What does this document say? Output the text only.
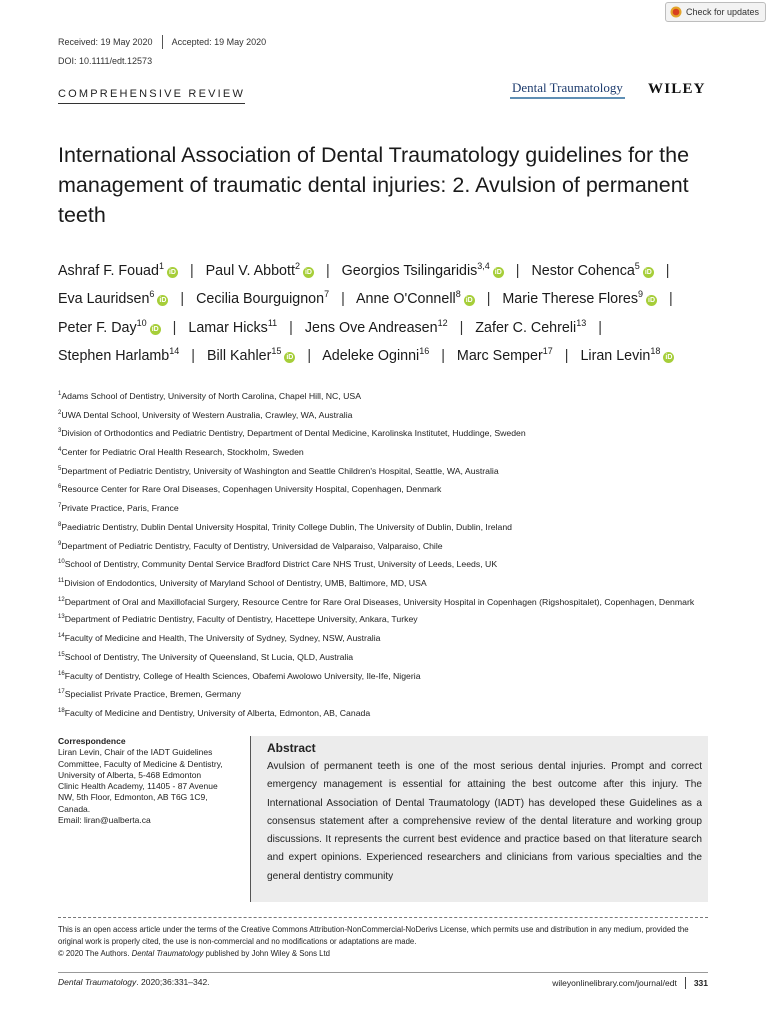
Check for updates
Received: 19 May 2020 Accepted: 19 May 2020
DOI: 10.1111/edt.12573
COMPREHENSIVE REVIEW	Dental Traumatology WILEY
International Association of Dental Traumatology guidelines for the management of traumatic dental injuries: 2. Avulsion of permanent teeth
Ashraf F. Fouad$^1$iD | Paul V. Abbott$^2$iD | Georgios Tsilingaridis$^{3,4}$iD | Nestor Cohenca$^5$iD | Eva Lauridsen$^6$iD | Cecilia Bourguignon$^7$ | Anne O'Connell$^8$iD | Marie Therese Flores$^9$iD | Peter F. Day$^{10}$iD | Lamar Hicks$^{11}$ | Jens Ove Andreasen$^{12}$ | Zafer C. Cehreli$^{13}$ | Stephen Harlamb$^{14}$ | Bill Kahler$^{15}$iD | Adeleke Oginni$^{16}$ | Marc Semper$^{17}$ | Liran Levin$^{18}$iD
$^1$Adams School of Dentistry, University of North Carolina, Chapel Hill, NC, USA
$^2$UWA Dental School, University of Western Australia, Crawley, WA, Australia
$^3$Division of Orthodontics and Pediatric Dentistry, Department of Dental Medicine, Karolinska Institutet, Huddinge, Sweden
$^4$Center for Pediatric Oral Health Research, Stockholm, Sweden
$^5$Department of Pediatric Dentistry, University of Washington and Seattle Children's Hospital, Seattle, WA, Australia
$^6$Resource Center for Rare Oral Diseases, Copenhagen University Hospital, Copenhagen, Denmark
$^7$Private Practice, Paris, France
$^8$Paediatric Dentistry, Dublin Dental University Hospital, Trinity College Dublin, The University of Dublin, Dublin, Ireland
$^9$Department of Pediatric Dentistry, Faculty of Dentistry, Universidad de Valparaiso, Valparaiso, Chile
$^{10}$School of Dentistry, Community Dental Service Bradford District Care NHS Trust, University of Leeds, Leeds, UK
$^{11}$Division of Endodontics, University of Maryland School of Dentistry, UMB, Baltimore, MD, USA
$^{12}$Department of Oral and Maxillofacial Surgery, Resource Centre for Rare Oral Diseases, University Hospital in Copenhagen (Rigshospitalet), Copenhagen, Denmark
$^{13}$Department of Pediatric Dentistry, Faculty of Dentistry, Hacettepe University, Ankara, Turkey
$^{14}$Faculty of Medicine and Health, The University of Sydney, Sydney, NSW, Australia
$^{15}$School of Dentistry, The University of Queensland, St Lucia, QLD, Australia
$^{16}$Faculty of Dentistry, College of Health Sciences, Obafemi Awolowo University, Ile-Ife, Nigeria
$^{17}$Specialist Private Practice, Bremen, Germany
$^{18}$Faculty of Medicine and Dentistry, University of Alberta, Edmonton, AB, Canada
Correspondence
Liran Levin, Chair of the IADT Guidelines
Committee, Faculty of Medicine & Dentistry,
University of Alberta, 5-468 Edmonton
Clinic Health Academy, 11405 - 87 Avenue
NW, 5th Floor, Edmonton, AB T6G 1C9,
Canada.
Email: liran@ualberta.ca
Abstract
Avulsion of permanent teeth is one of the most serious dental injuries. Prompt and correct emergency management is essential for attaining the best outcome after this injury. The International Association of Dental Traumatology (IADT) has developed these Guidelines as a consensus statement after a comprehensive review of the dental literature and working group discussions. It represents the current best evidence and practice based on that literature search and expert opinions. Experienced researchers and clinicians from various specialties and the general dentistry community
This is an open access article under the terms of the Creative Commons Attribution-NonCommercial-NoDerivs License, which permits use and distribution in any medium, provided the original work is properly cited, the use is non-commercial and no modifications or adaptations are made.
© 2020 The Authors. Dental Traumatology published by John Wiley & Sons Ltd
Dental Traumatology. 2020;36:331–342.	wileyonlinelibrary.com/journal/edt 331
